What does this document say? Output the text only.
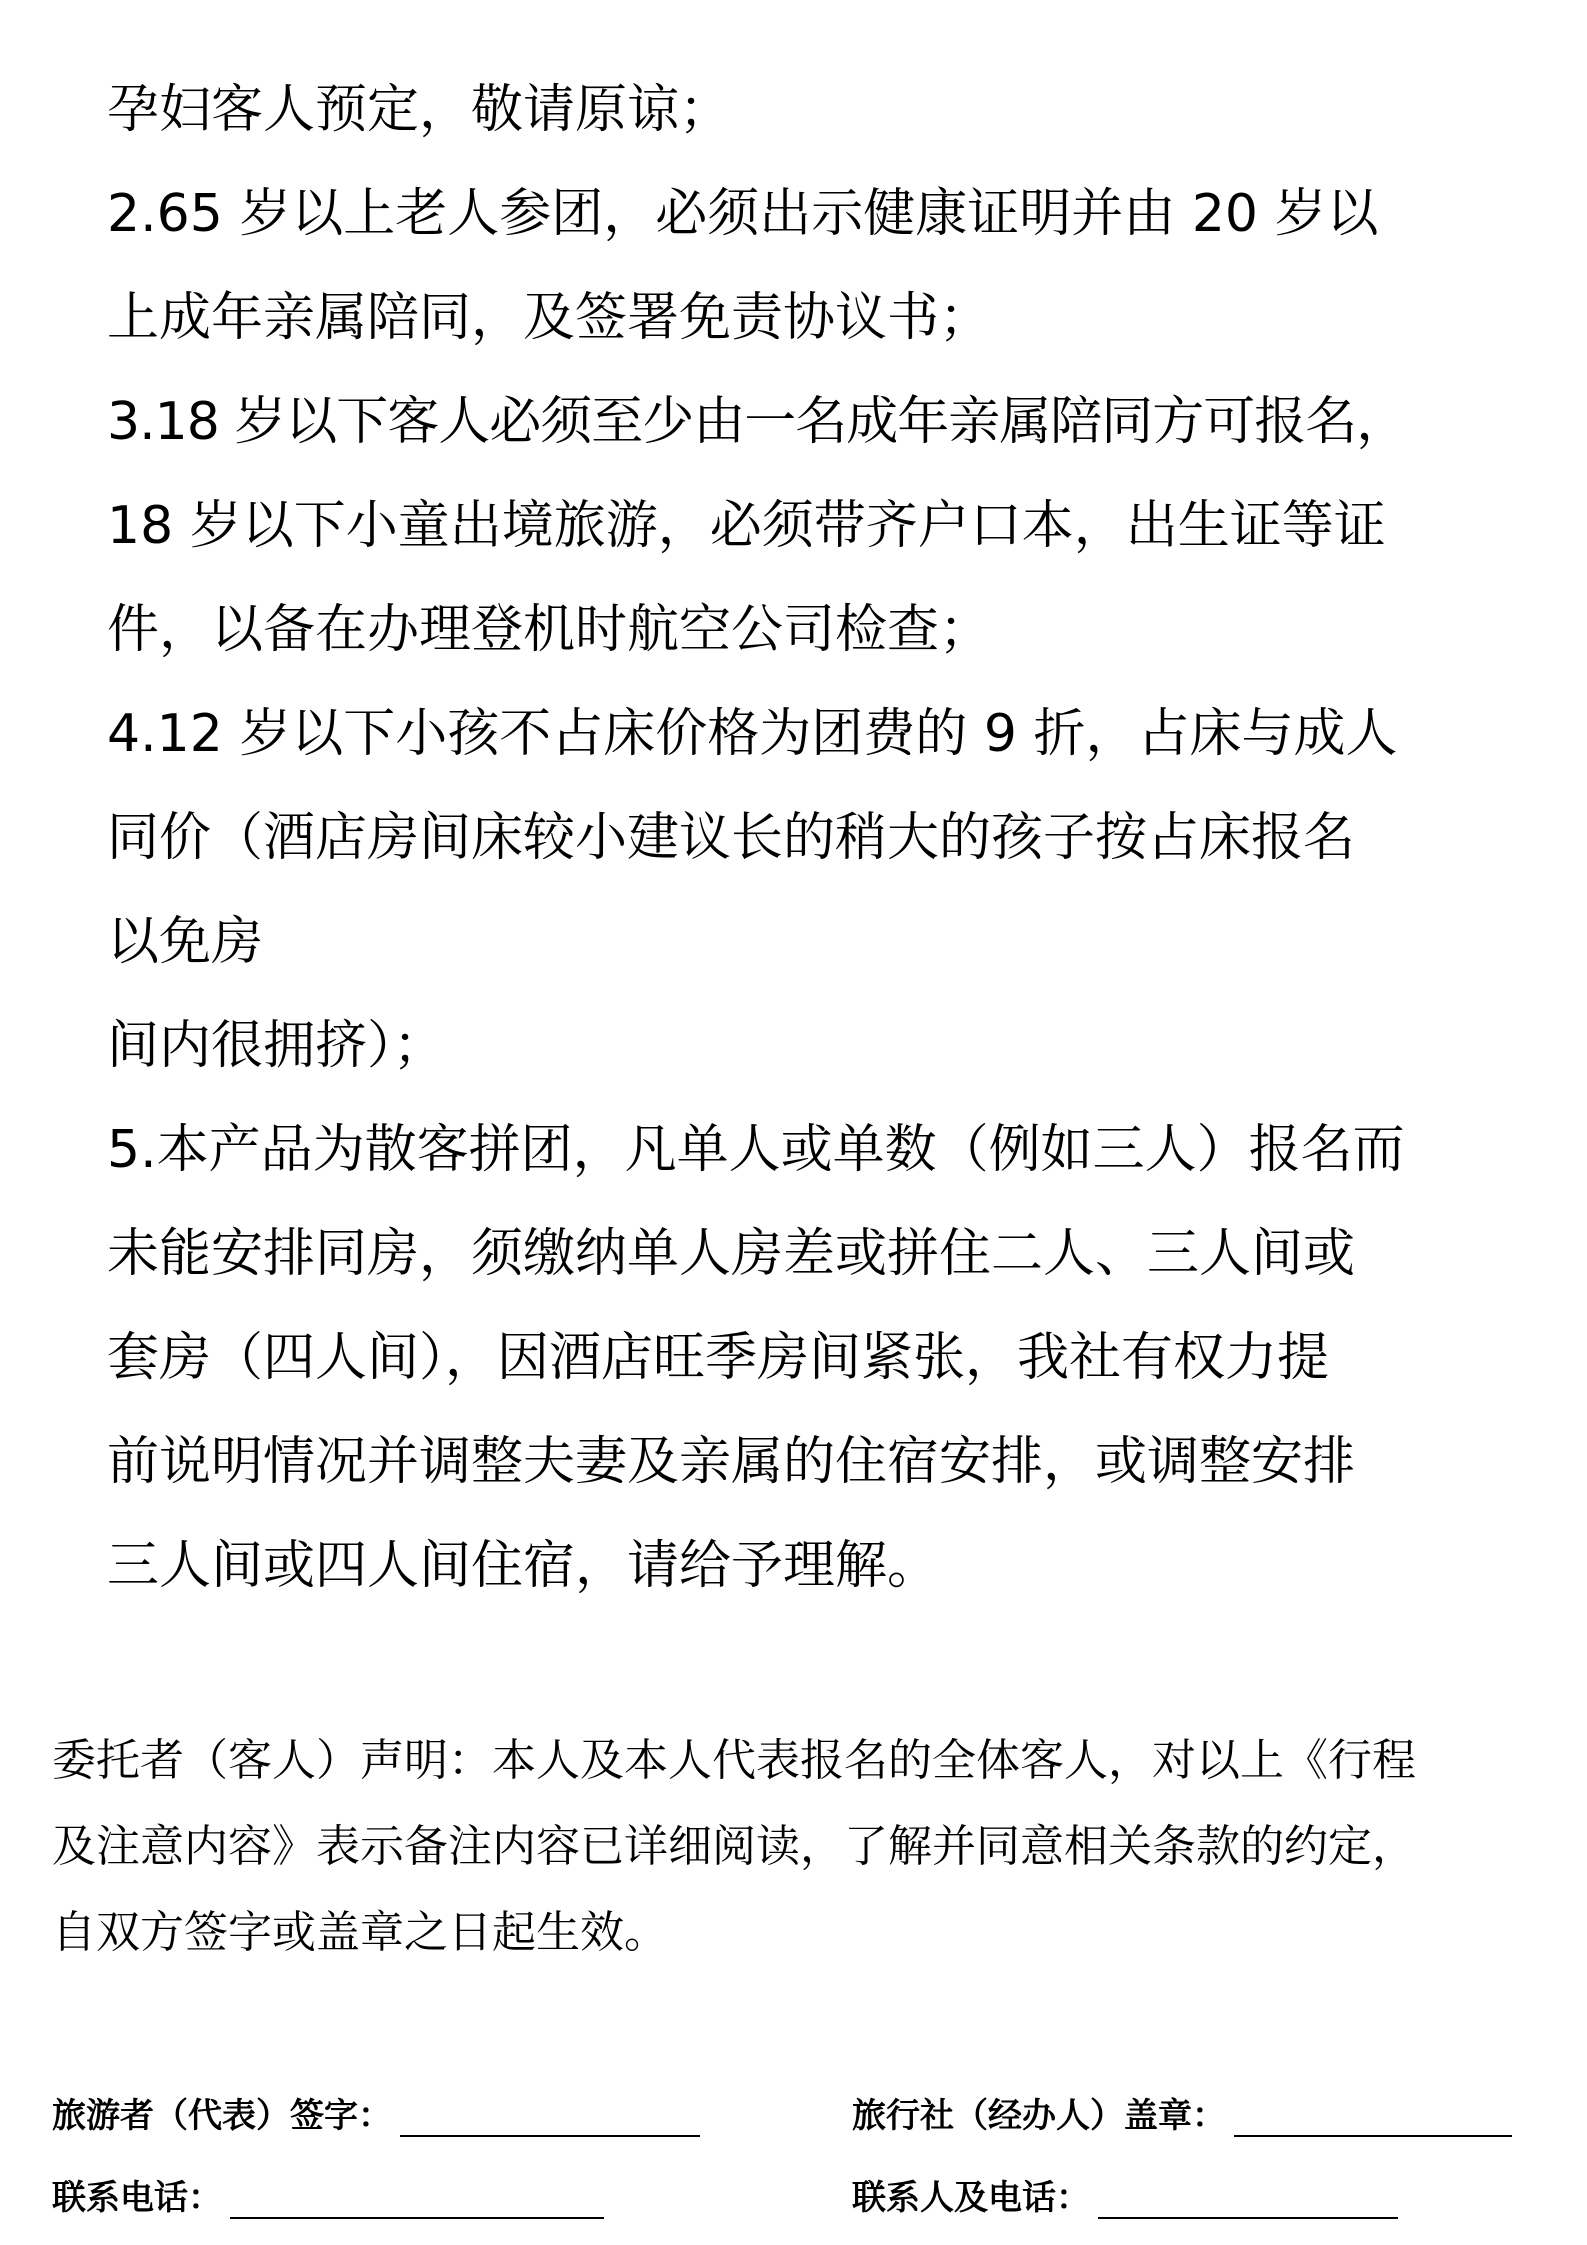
孕妇客人预定，敬请原谅；
2.65 岁以上老人参团，必须出示健康证明并由 20 岁以
上成年亲属陪同，及签署免责协议书；
3.18 岁以下客人必须至少由一名成年亲属陪同方可报名，
18 岁以下小童出境旅游，必须带齐户口本，出生证等证
件，以备在办理登机时航空公司检查；
4.12 岁以下小孩不占床价格为团费的 9 折，占床与成人
同价（酒店房间床较小建议长的稍大的孩子按占床报名
以免房
间内很拥挤）；
5.本产品为散客拼团，凡单人或单数（例如三人）报名而
未能安排同房，须缴纳单人房差或拼住二人、三人间或
套房（四人间），因酒店旺季房间紧张，我社有权力提
前说明情况并调整夫妻及亲属的住宿安排，或调整安排
三人间或四人间住宿，请给予理解。
委托者（客人）声明：本人及本人代表报名的全体客人，对以上《行程
及注意内容》表示备注内容已详细阅读，了解并同意相关条款的约定，
自双方签字或盖章之日起生效。
旅游者（代表）签字：	旅行社（经办人）盖章：
联系电话：	联系人及电话：
